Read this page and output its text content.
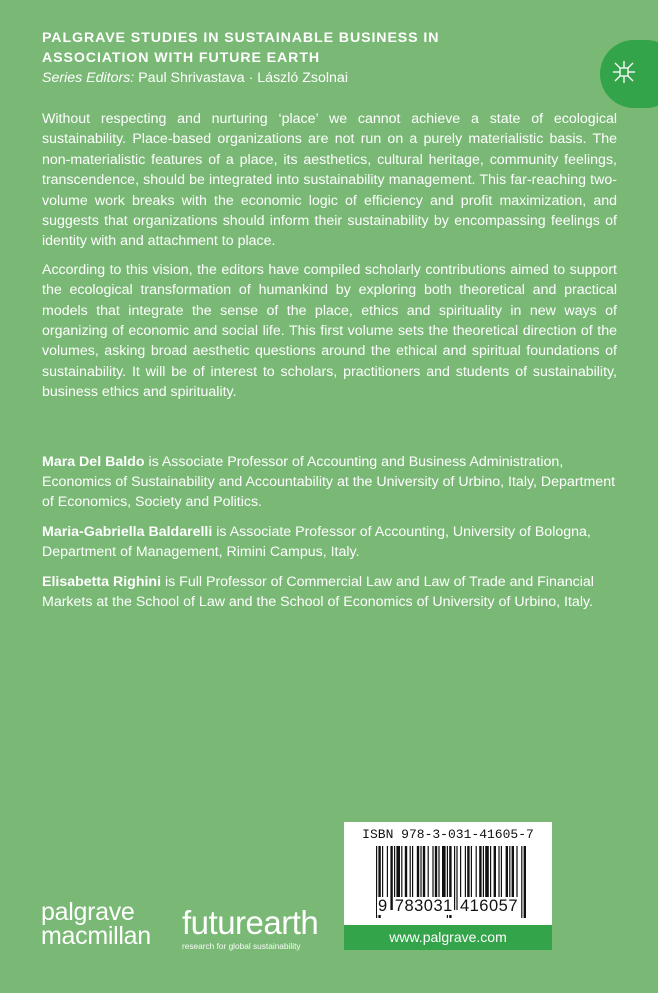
PALGRAVE STUDIES IN SUSTAINABLE BUSINESS IN

ASSOCIATION WITH FUTURE EARTH

Series Editors: Paul Shrivastava · László Zsolnai

Without respecting and nurturing ‘place’ we cannot achieve a state of ecological sustainability. Place-based organizations are not run on a purely materialistic basis. The non-materialistic features of a place, its aesthetics, cultural heritage, community feelings, transcendence, should be integrated into sustainability management. This far-reaching two-volume work breaks with the economic logic of efficiency and profit maximization, and suggests that organizations should inform their sustainability by encompassing feelings of identity with and attachment to place.

According to this vision, the editors have compiled scholarly contributions aimed to support the ecological transformation of humankind by exploring both theoretical and practical models that integrate the sense of the place, ethics and spirituality in new ways of organizing of economic and social life. This first volume sets the theoretical direction of the volumes, asking broad aesthetic questions around the ethical and spiritual foundations of sustainability. It will be of interest to scholars, practitioners and students of sustainability, business ethics and spirituality.

Mara Del Baldo is Associate Professor of Accounting and Business Administration, Economics of Sustainability and Accountability at the University of Urbino, Italy, Department of Economics, Society and Politics.

Maria-Gabriella Baldarelli is Associate Professor of Accounting, University of Bologna, Department of Management, Rimini Campus, Italy.

Elisabetta Righini is Full Professor of Commercial Law and Law of Trade and Financial Markets at the School of Law and the School of Economics of University of Urbino, Italy.

palgrave
macmillan futurearth
research for global sustainability
ISBN 978-3-031-41605-7
9 783031 416057
www.palgrave.com
